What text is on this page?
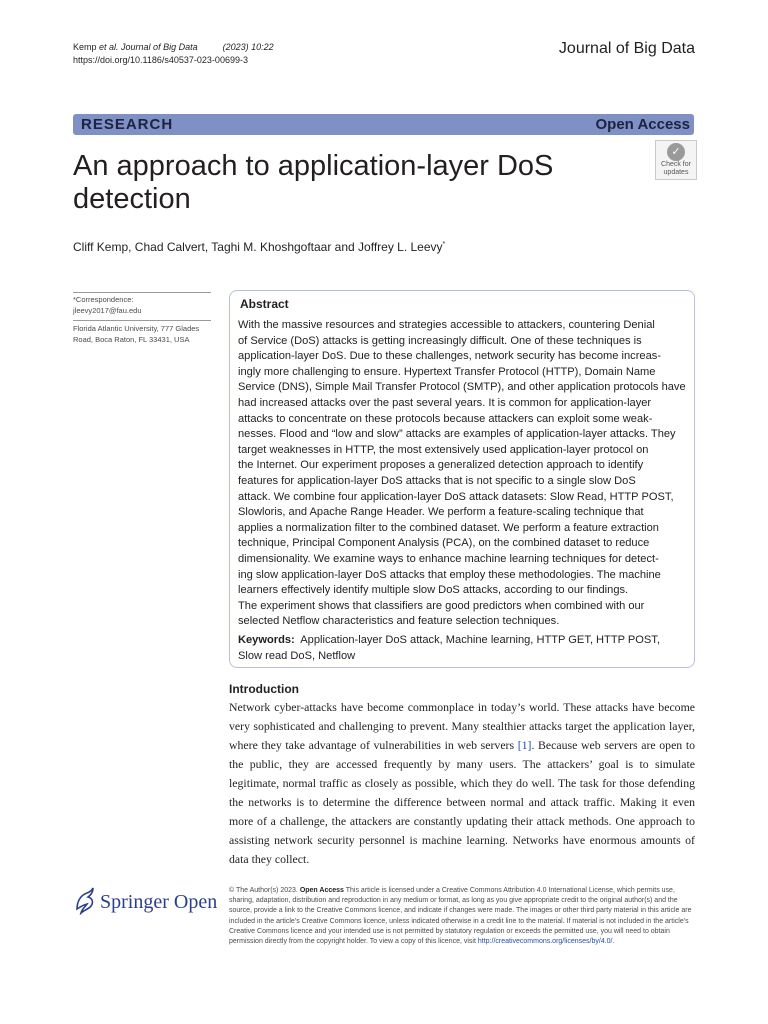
Kemp et al. Journal of Big Data	(2023) 10:22
https://doi.org/10.1186/s40537-023-00699-3
Journal of Big Data
RESEARCH	Open Access
An approach to application-layer DoS detection
✓
Check for
updates
Cliff Kemp, Chad Calvert, Taghi M. Khoshgoftaar and Joffrey L. Leevy*
*Correspondence:
jleevy2017@fau.edu
Florida Atlantic University, 777 Glades Road, Boca Raton, FL 33431, USA
Abstract
With the massive resources and strategies accessible to attackers, countering Denial
of Service (DoS) attacks is getting increasingly difficult. One of these techniques is
application-layer DoS. Due to these challenges, network security has become increas-
ingly more challenging to ensure. Hypertext Transfer Protocol (HTTP), Domain Name
Service (DNS), Simple Mail Transfer Protocol (SMTP), and other application protocols have
had increased attacks over the past several years. It is common for application-layer
attacks to concentrate on these protocols because attackers can exploit some weak-
nesses. Flood and “low and slow” attacks are examples of application-layer attacks. They
target weaknesses in HTTP, the most extensively used application-layer protocol on
the Internet. Our experiment proposes a generalized detection approach to identify
features for application-layer DoS attacks that is not specific to a single slow DoS
attack. We combine four application-layer DoS attack datasets: Slow Read, HTTP POST,
Slowloris, and Apache Range Header. We perform a feature-scaling technique that
applies a normalization filter to the combined dataset. We perform a feature extraction
technique, Principal Component Analysis (PCA), on the combined dataset to reduce
dimensionality. We examine ways to enhance machine learning techniques for detect-
ing slow application-layer DoS attacks that employ these methodologies. The machine
learners effectively identify multiple slow DoS attacks, according to our findings.
The experiment shows that classifiers are good predictors when combined with our
selected Netflow characteristics and feature selection techniques.
Keywords: Application-layer DoS attack, Machine learning, HTTP GET, HTTP POST,
Slow read DoS, Netflow
Introduction
Network cyber-attacks have become commonplace in today’s world. These attacks have become very sophisticated and challenging to prevent. Many stealthier attacks target the application layer, where they take advantage of vulnerabilities in web servers [1]. Because web servers are open to the public, they are accessed frequently by many users. The attackers’ goal is to simulate legitimate, normal traffic as closely as possible, which they do well. The task for those defending the networks is to determine the difference between normal and attack traffic. Making it even more of a challenge, the attackers are constantly updating their attack methods. One approach to assisting network security personnel is machine learning. Networks have enormous amounts of data they collect.
Springer Open
© The Author(s) 2023. Open Access This article is licensed under a Creative Commons Attribution 4.0 International License, which permits use, sharing, adaptation, distribution and reproduction in any medium or format, as long as you give appropriate credit to the original author(s) and the source, provide a link to the Creative Commons licence, and indicate if changes were made. The images or other third party material in this article are included in the article’s Creative Commons licence, unless indicated otherwise in a credit line to the material. If material is not included in the article’s Creative Commons licence and your intended use is not permitted by statutory regulation or exceeds the permitted use, you will need to obtain permission directly from the copyright holder. To view a copy of this licence, visit http://creativecommons.org/licenses/by/4.0/.
